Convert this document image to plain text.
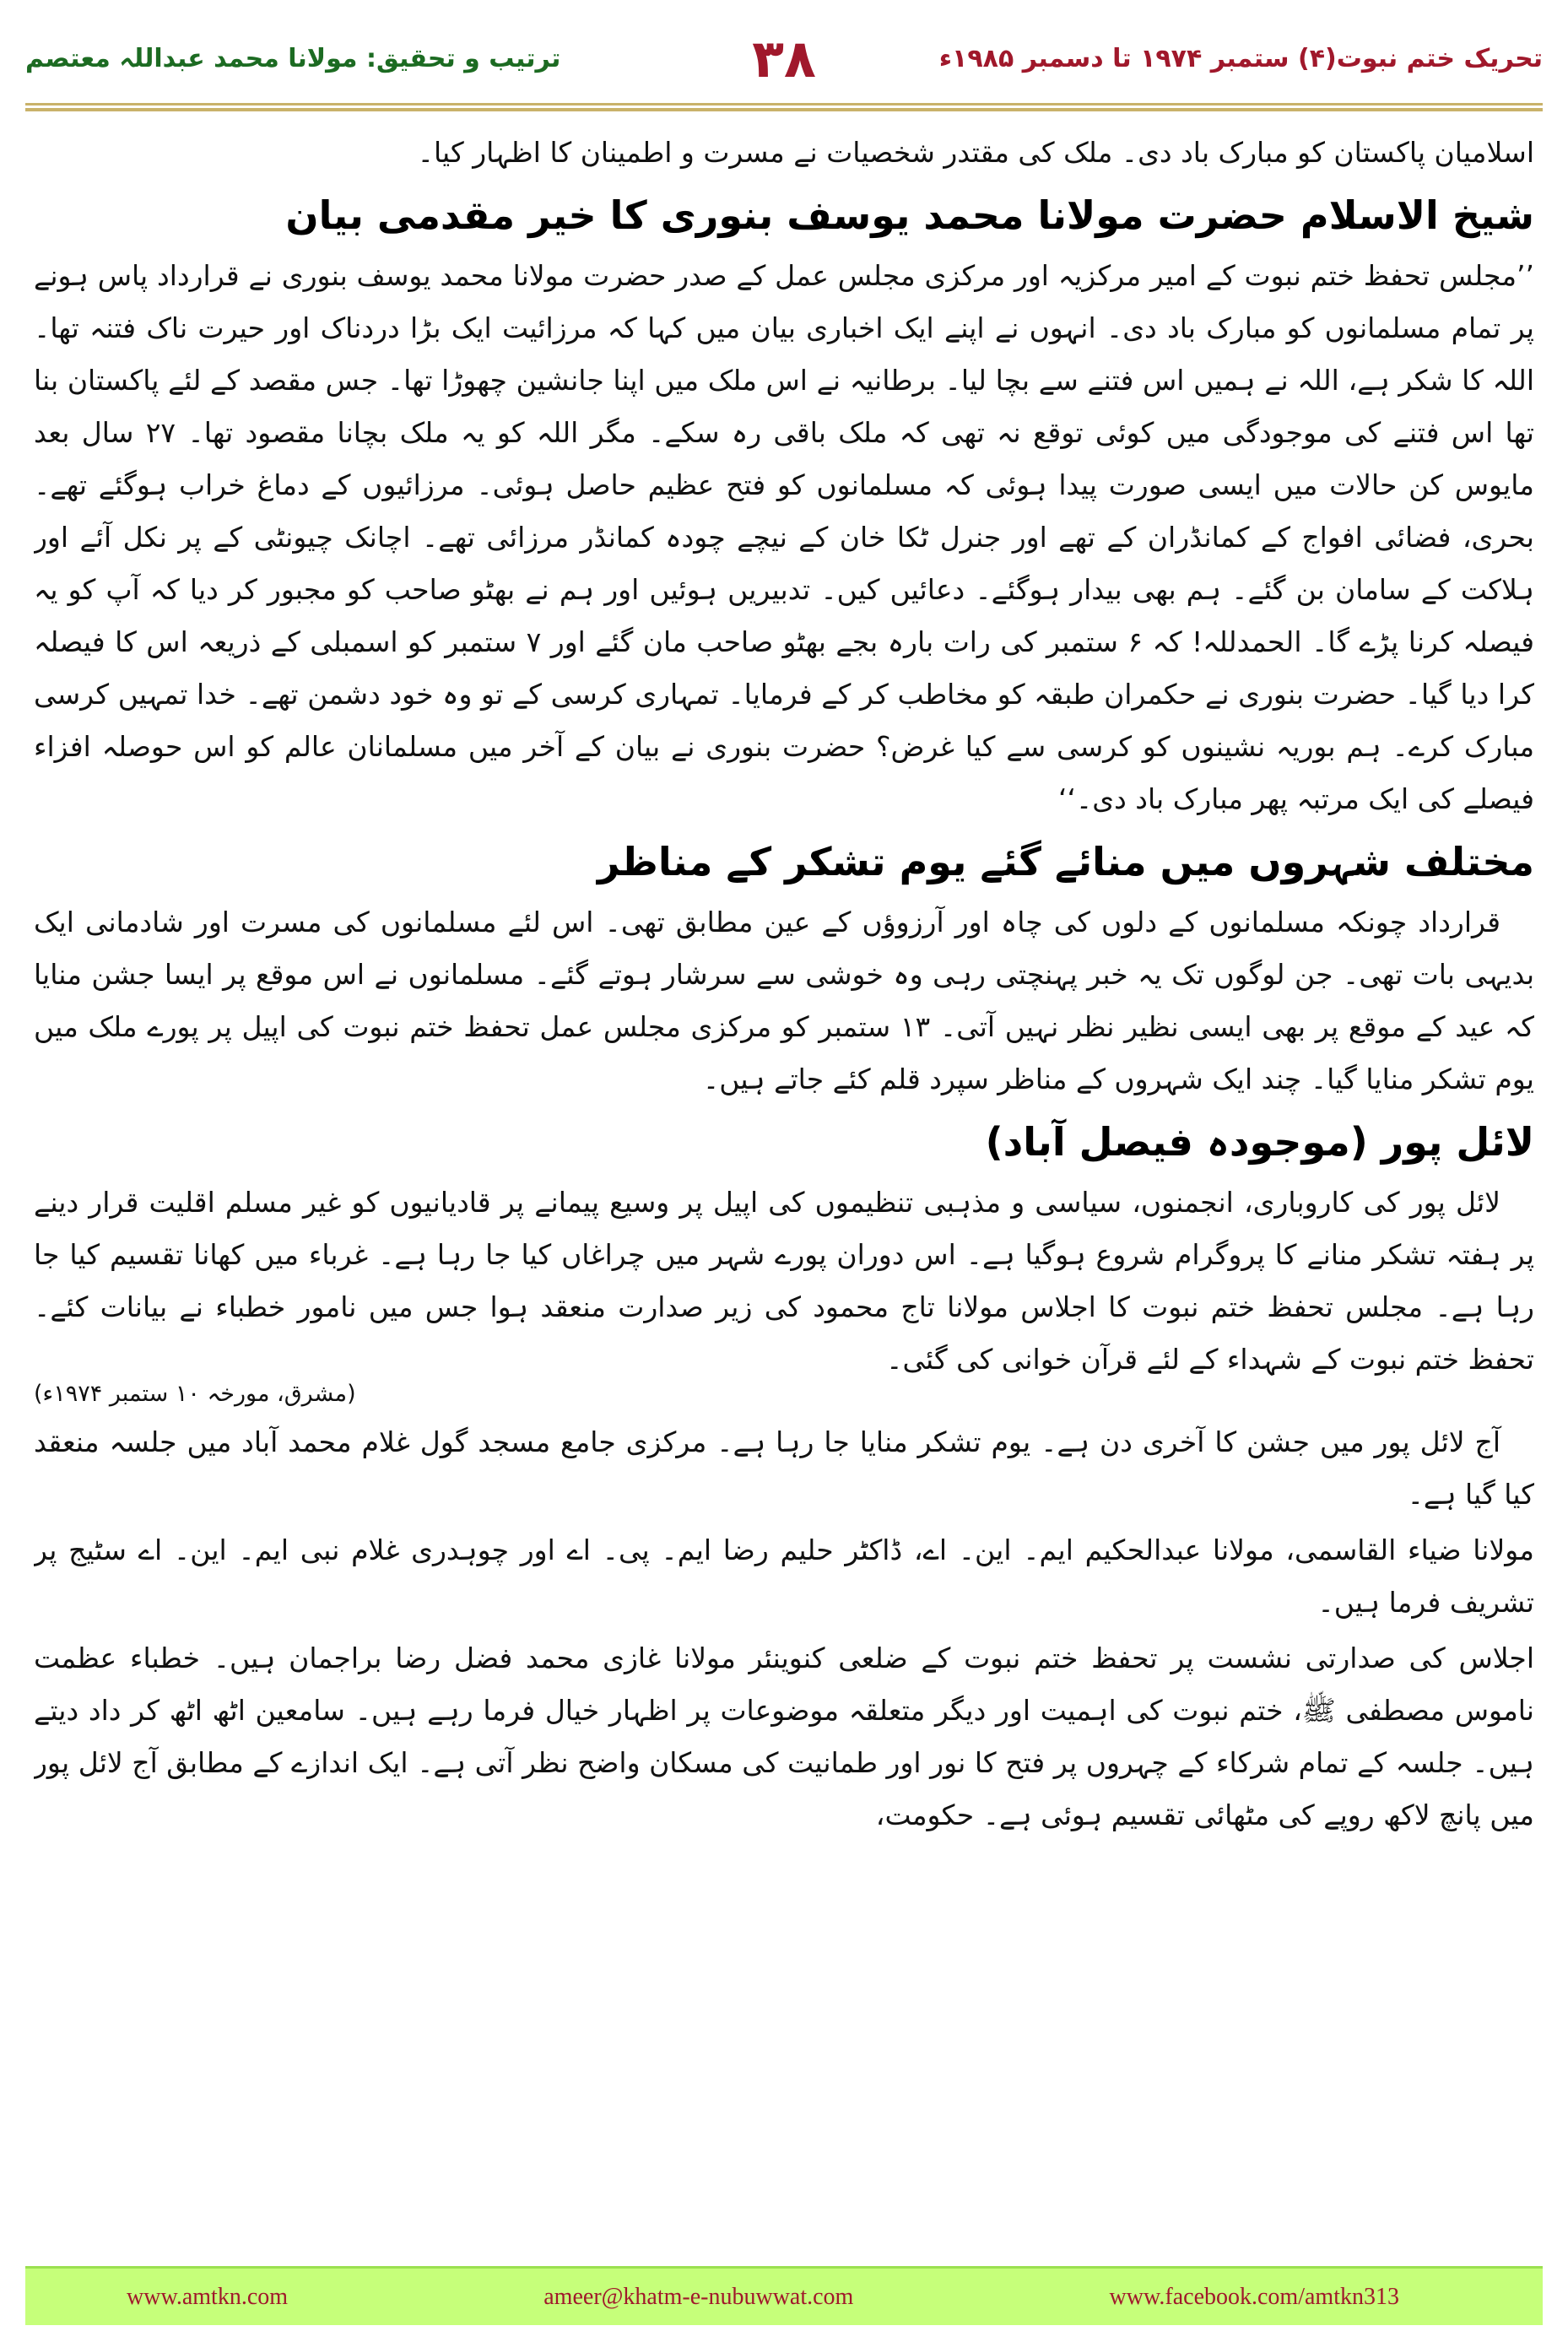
تحریک ختم نبوت(۴) ستمبر ۱۹۷۴ تا دسمبر ۱۹۸۵ء
۳۸
ترتیب و تحقیق: مولانا محمد عبداللہ معتصم

اسلامیان پاکستان کو مبارک باد دی۔ ملک کی مقتدر شخصیات نے مسرت و اطمینان کا اظہار کیا۔

شیخ الاسلام حضرت مولانا محمد یوسف بنوری کا خیر مقدمی بیان

’’مجلس تحفظ ختم نبوت کے امیر مرکزیہ اور مرکزی مجلس عمل کے صدر حضرت مولانا محمد یوسف بنوری نے قرارداد پاس ہونے پر تمام مسلمانوں کو مبارک باد دی۔ انہوں نے اپنے ایک اخباری بیان میں کہا کہ مرزائیت ایک بڑا دردناک اور حیرت ناک فتنہ تھا۔ اللہ کا شکر ہے، اللہ نے ہمیں اس فتنے سے بچا لیا۔ برطانیہ نے اس ملک میں اپنا جانشین چھوڑا تھا۔ جس مقصد کے لئے پاکستان بنا تھا اس فتنے کی موجودگی میں کوئی توقع نہ تھی کہ ملک باقی رہ سکے۔ مگر اللہ کو یہ ملک بچانا مقصود تھا۔ ۲۷ سال بعد مایوس کن حالات میں ایسی صورت پیدا ہوئی کہ مسلمانوں کو فتح عظیم حاصل ہوئی۔ مرزائیوں کے دماغ خراب ہوگئے تھے۔ بحری، فضائی افواج کے کمانڈران کے تھے اور جنرل ٹکا خان کے نیچے چودہ کمانڈر مرزائی تھے۔ اچانک چیونٹی کے پر نکل آئے اور ہلاکت کے سامان بن گئے۔ ہم بھی بیدار ہوگئے۔ دعائیں کیں۔ تدبیریں ہوئیں اور ہم نے بھٹو صاحب کو مجبور کر دیا کہ آپ کو یہ فیصلہ کرنا پڑے گا۔ الحمدللہ! کہ ۶ ستمبر کی رات بارہ بجے بھٹو صاحب مان گئے اور ۷ ستمبر کو اسمبلی کے ذریعہ اس کا فیصلہ کرا دیا گیا۔ حضرت بنوری نے حکمران طبقہ کو مخاطب کر کے فرمایا۔ تمہاری کرسی کے تو وہ خود دشمن تھے۔ خدا تمہیں کرسی مبارک کرے۔ ہم بوریہ نشینوں کو کرسی سے کیا غرض؟ حضرت بنوری نے بیان کے آخر میں مسلمانان عالم کو اس حوصلہ افزاء فیصلے کی ایک مرتبہ پھر مبارک باد دی۔‘‘

مختلف شہروں میں منائے گئے یوم تشکر کے مناظر

قرارداد چونکہ مسلمانوں کے دلوں کی چاہ اور آرزوؤں کے عین مطابق تھی۔ اس لئے مسلمانوں کی مسرت اور شادمانی ایک بدیہی بات تھی۔ جن لوگوں تک یہ خبر پہنچتی رہی وہ خوشی سے سرشار ہوتے گئے۔ مسلمانوں نے اس موقع پر ایسا جشن منایا کہ عید کے موقع پر بھی ایسی نظیر نظر نہیں آتی۔ ۱۳ ستمبر کو مرکزی مجلس عمل تحفظ ختم نبوت کی اپیل پر پورے ملک میں یوم تشکر منایا گیا۔ چند ایک شہروں کے مناظر سپرد قلم کئے جاتے ہیں۔

لائل پور (موجودہ فیصل آباد)

لائل پور کی کاروباری، انجمنوں، سیاسی و مذہبی تنظیموں کی اپیل پر وسیع پیمانے پر قادیانیوں کو غیر مسلم اقلیت قرار دینے پر ہفتہ تشکر منانے کا پروگرام شروع ہوگیا ہے۔ اس دوران پورے شہر میں چراغاں کیا جا رہا ہے۔ غرباء میں کھانا تقسیم کیا جا رہا ہے۔ مجلس تحفظ ختم نبوت کا اجلاس مولانا تاج محمود کی زیر صدارت منعقد ہوا جس میں نامور خطباء نے بیانات کئے۔ تحفظ ختم نبوت کے شہداء کے لئے قرآن خوانی کی گئی۔

(مشرق، مورخہ ۱۰ ستمبر ۱۹۷۴ء)

آج لائل پور میں جشن کا آخری دن ہے۔ یوم تشکر منایا جا رہا ہے۔ مرکزی جامع مسجد گول غلام محمد آباد میں جلسہ منعقد کیا گیا ہے۔

مولانا ضیاء القاسمی، مولانا عبدالحکیم ایم۔ این۔ اے، ڈاکٹر حلیم رضا ایم۔ پی۔ اے اور چوہدری غلام نبی ایم۔ این۔ اے سٹیج پر تشریف فرما ہیں۔

اجلاس کی صدارتی نشست پر تحفظ ختم نبوت کے ضلعی کنوینئر مولانا غازی محمد فضل رضا براجمان ہیں۔ خطباء عظمت ناموس مصطفی ﷺ، ختم نبوت کی اہمیت اور دیگر متعلقہ موضوعات پر اظہار خیال فرما رہے ہیں۔ سامعین اٹھ اٹھ کر داد دیتے ہیں۔ جلسہ کے تمام شرکاء کے چہروں پر فتح کا نور اور طمانیت کی مسکان واضح نظر آتی ہے۔ ایک اندازے کے مطابق آج لائل پور میں پانچ لاکھ روپے کی مٹھائی تقسیم ہوئی ہے۔ حکومت،

www.amtkn.com	ameer@khatm-e-nubuwwat.com	www.facebook.com/amtkn313
